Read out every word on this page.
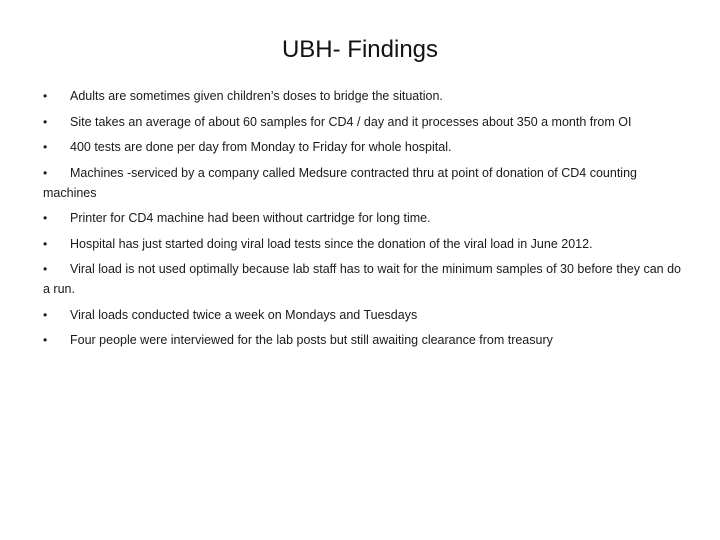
UBH- Findings
•	Adults are sometimes given children’s doses to bridge the situation.
•	Site takes an average of about 60 samples for CD4 / day and it processes about 350 a month from OI
•	400 tests are done per day from Monday to Friday for whole hospital.
•	Machines -serviced by a company called Medsure contracted thru at point of donation of CD4 counting machines
•	Printer for CD4 machine had been without cartridge for long time.
•	Hospital has just started doing viral load tests since the donation of the viral load in June 2012.
•	Viral load is not used optimally because lab staff has to wait for the minimum samples of 30 before they can do a run.
•	Viral loads conducted twice a week on Mondays and Tuesdays
•	Four people were interviewed for the lab posts but still awaiting clearance from treasury
